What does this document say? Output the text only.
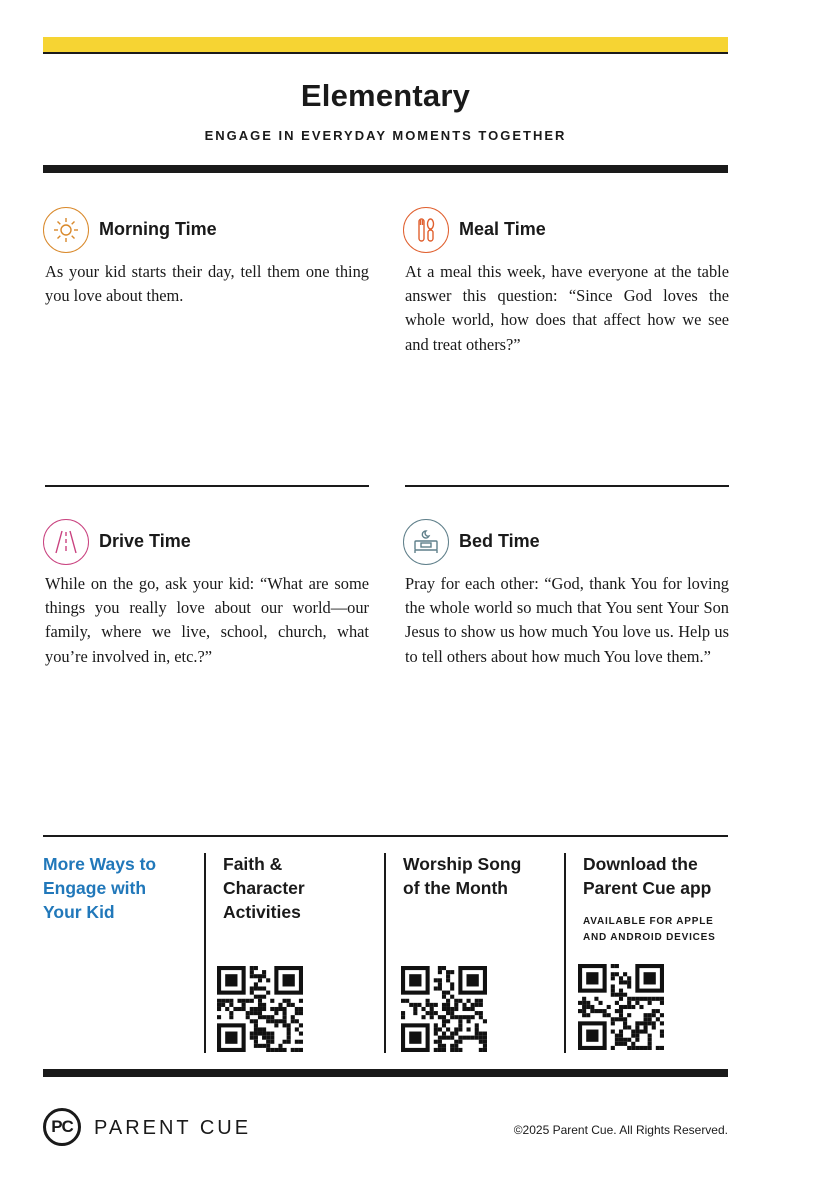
Elementary
ENGAGE IN EVERYDAY MOMENTS TOGETHER
Morning Time
As your kid starts their day, tell them one thing you love about them.
Meal Time
At a meal this week, have everyone at the table answer this question: “Since God loves the whole world, how does that affect how we see and treat others?”
Drive Time
While on the go, ask your kid: “What are some things you really love about our world—our family, where we live, school, church, what you’re involved in, etc.?”
Bed Time
Pray for each other: “God, thank You for loving the whole world so much that You sent Your Son Jesus to show us how much You love us. Help us to tell others about how much You love them.”
More Ways to
Engage with
Your Kid
Faith &
Character
Activities
Worship Song
of the Month
Download the
Parent Cue app
AVAILABLE FOR APPLE
AND ANDROID DEVICES
PC	PARENT CUE	©2025 Parent Cue. All Rights Reserved.
